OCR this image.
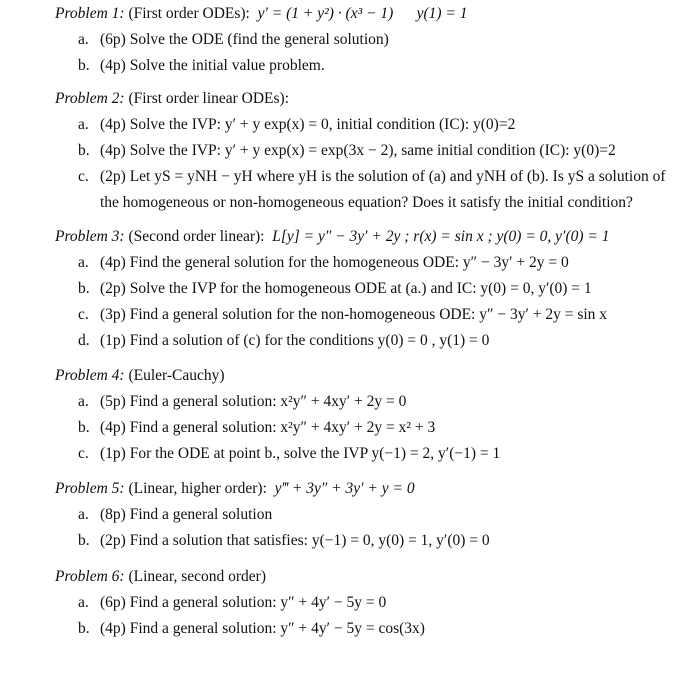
Problem 1: (First order ODEs): y′ = (1 + y²) · (x³ − 1) y(1) = 1
a. (6p) Solve the ODE (find the general solution)
b. (4p) Solve the initial value problem.
Problem 2: (First order linear ODEs):
a. (4p) Solve the IVP: y′ + y exp(x) = 0, initial condition (IC): y(0)=2
b. (4p) Solve the IVP: y′ + y exp(x) = exp(3x − 2), same initial condition (IC): y(0)=2
c. (2p) Let yS = yNH − yH where yH is the solution of (a) and yNH of (b). Is yS a solution of
the homogeneous or non-homogeneous equation? Does it satisfy the initial condition?
Problem 3: (Second order linear): L[y] = y″ − 3y′ + 2y ; r(x) = sin x ; y(0) = 0, y′(0) = 1
a. (4p) Find the general solution for the homogeneous ODE: y″ − 3y′ + 2y = 0
b. (2p) Solve the IVP for the homogeneous ODE at (a.) and IC: y(0) = 0, y′(0) = 1
c. (3p) Find a general solution for the non-homogeneous ODE: y″ − 3y′ + 2y = sin x
d. (1p) Find a solution of (c) for the conditions y(0) = 0 , y(1) = 0
Problem 4: (Euler-Cauchy)
a. (5p) Find a general solution: x²y″ + 4xy′ + 2y = 0
b. (4p) Find a general solution: x²y″ + 4xy′ + 2y = x² + 3
c. (1p) For the ODE at point b., solve the IVP y(−1) = 2, y′(−1) = 1
Problem 5: (Linear, higher order): y‴ + 3y″ + 3y′ + y = 0
a. (8p) Find a general solution
b. (2p) Find a solution that satisfies: y(−1) = 0, y(0) = 1, y′(0) = 0
Problem 6: (Linear, second order)
a. (6p) Find a general solution: y″ + 4y′ − 5y = 0
b. (4p) Find a general solution: y″ + 4y′ − 5y = cos(3x)
